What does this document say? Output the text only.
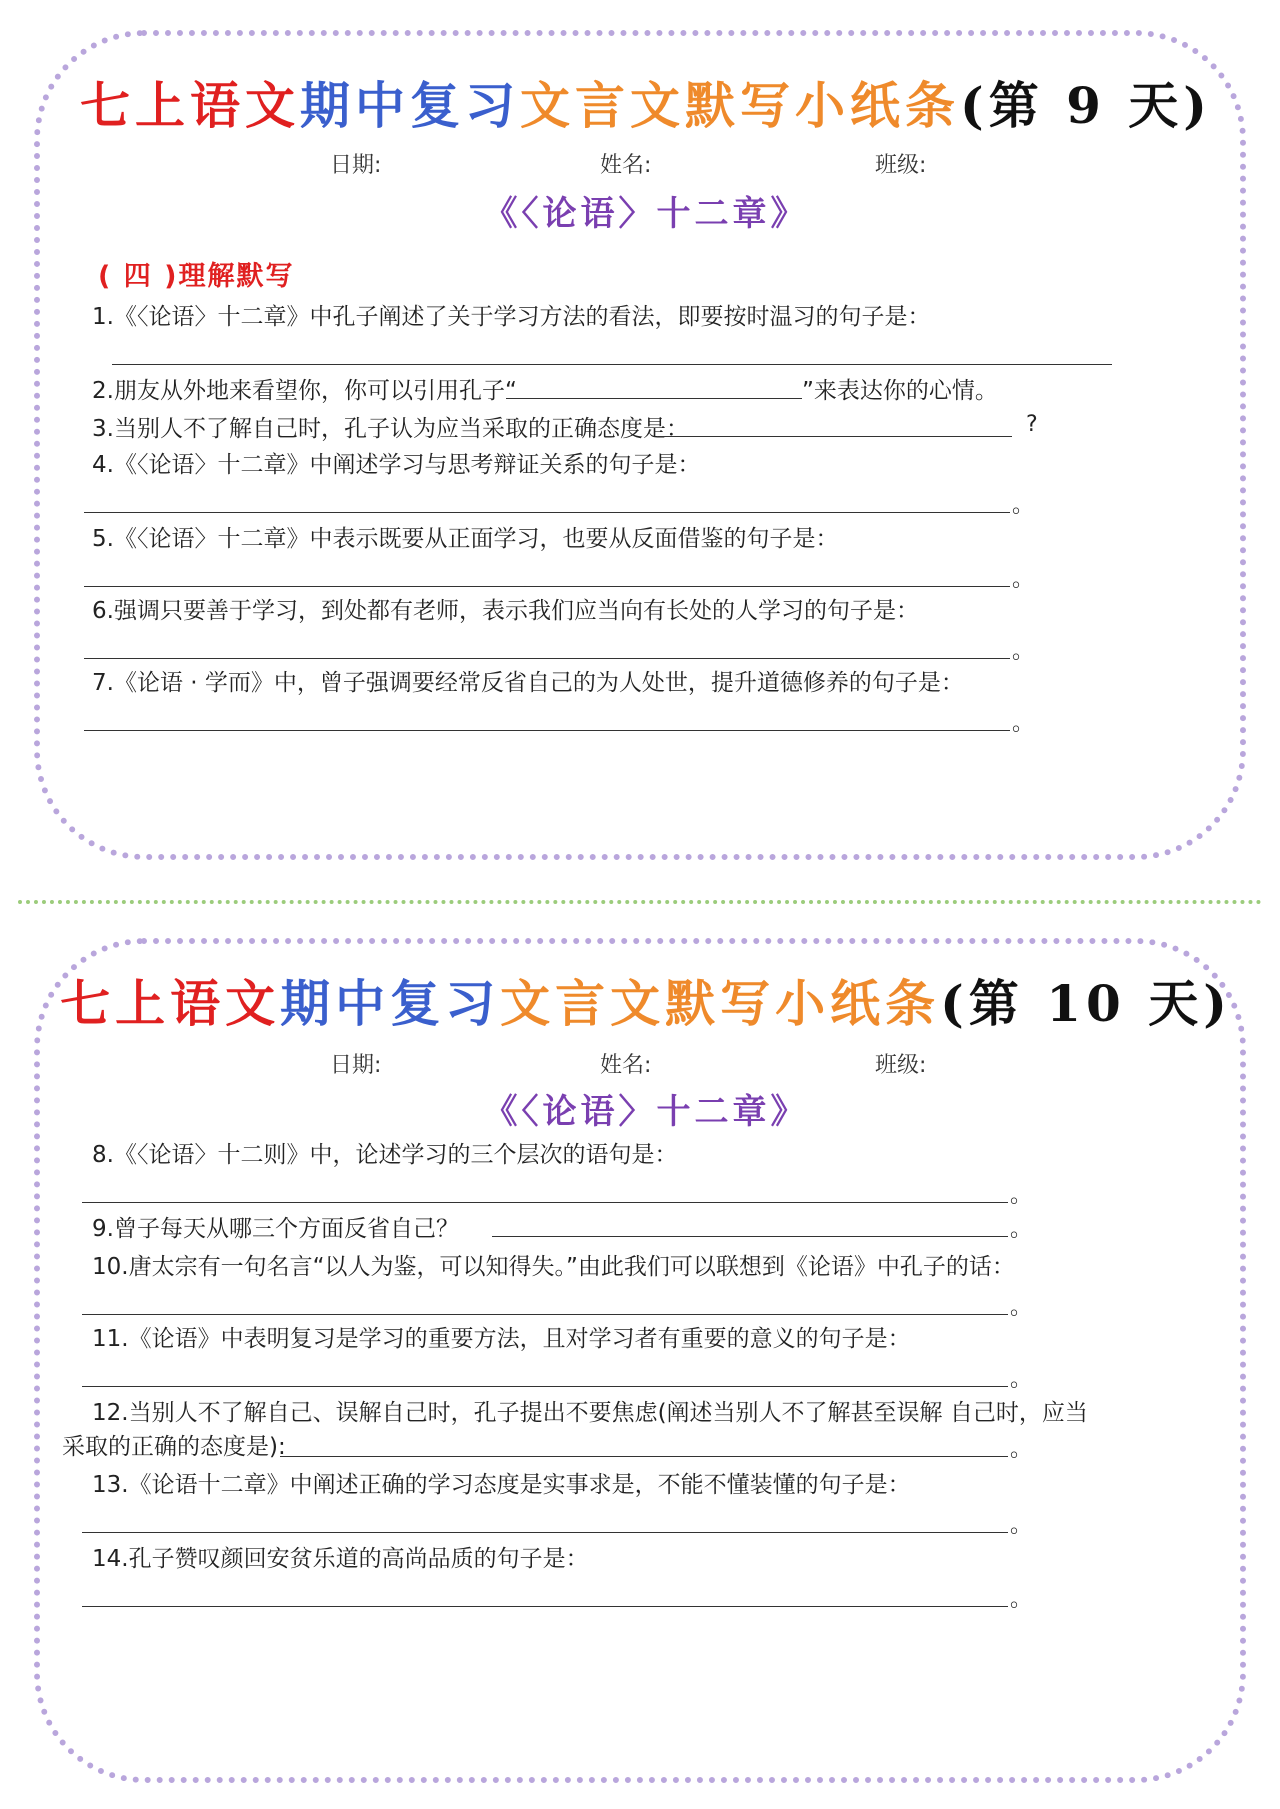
七上语文期中复习文言文默写小纸条(第 9 天)
日期:	姓名:	班级:
《〈论语〉十二章》
( 四 )理解默写
1.《〈论语〉十二章》中孔子阐述了关于学习方法的看法，即要按时温习的句子是：
2.朋友从外地来看望你，你可以引用孔子“	”来表达你的心情。
3.当别人不了解自己时，孔子认为应当采取的正确态度是：	?
4.《〈论语〉十二章》中阐述学习与思考辩证关系的句子是：
。
5.《〈论语〉十二章》中表示既要从正面学习，也要从反面借鉴的句子是：
。
6.强调只要善于学习，到处都有老师，表示我们应当向有长处的人学习的句子是：
。
7.《论语 · 学而》中，曾子强调要经常反省自己的为人处世，提升道德修养的句子是：
。
七上语文期中复习文言文默写小纸条(第 10 天)
日期:	姓名:	班级:
《〈论语〉十二章》
8.《〈论语〉十二则》中，论述学习的三个层次的语句是：
。
9.曾子每天从哪三个方面反省自己？	。
10.唐太宗有一句名言“以人为鉴，可以知得失。”由此我们可以联想到《论语》中孔子的话：
。
11.《论语》中表明复习是学习的重要方法，且对学习者有重要的意义的句子是：
。
12.当别人不了解自己、误解自己时，孔子提出不要焦虑(阐述当别人不了解甚至误解 自己时，应当
采取的正确的态度是):	。
13.《论语十二章》中阐述正确的学习态度是实事求是，不能不懂装懂的句子是：
。
14.孔子赞叹颜回安贫乐道的高尚品质的句子是：
。
